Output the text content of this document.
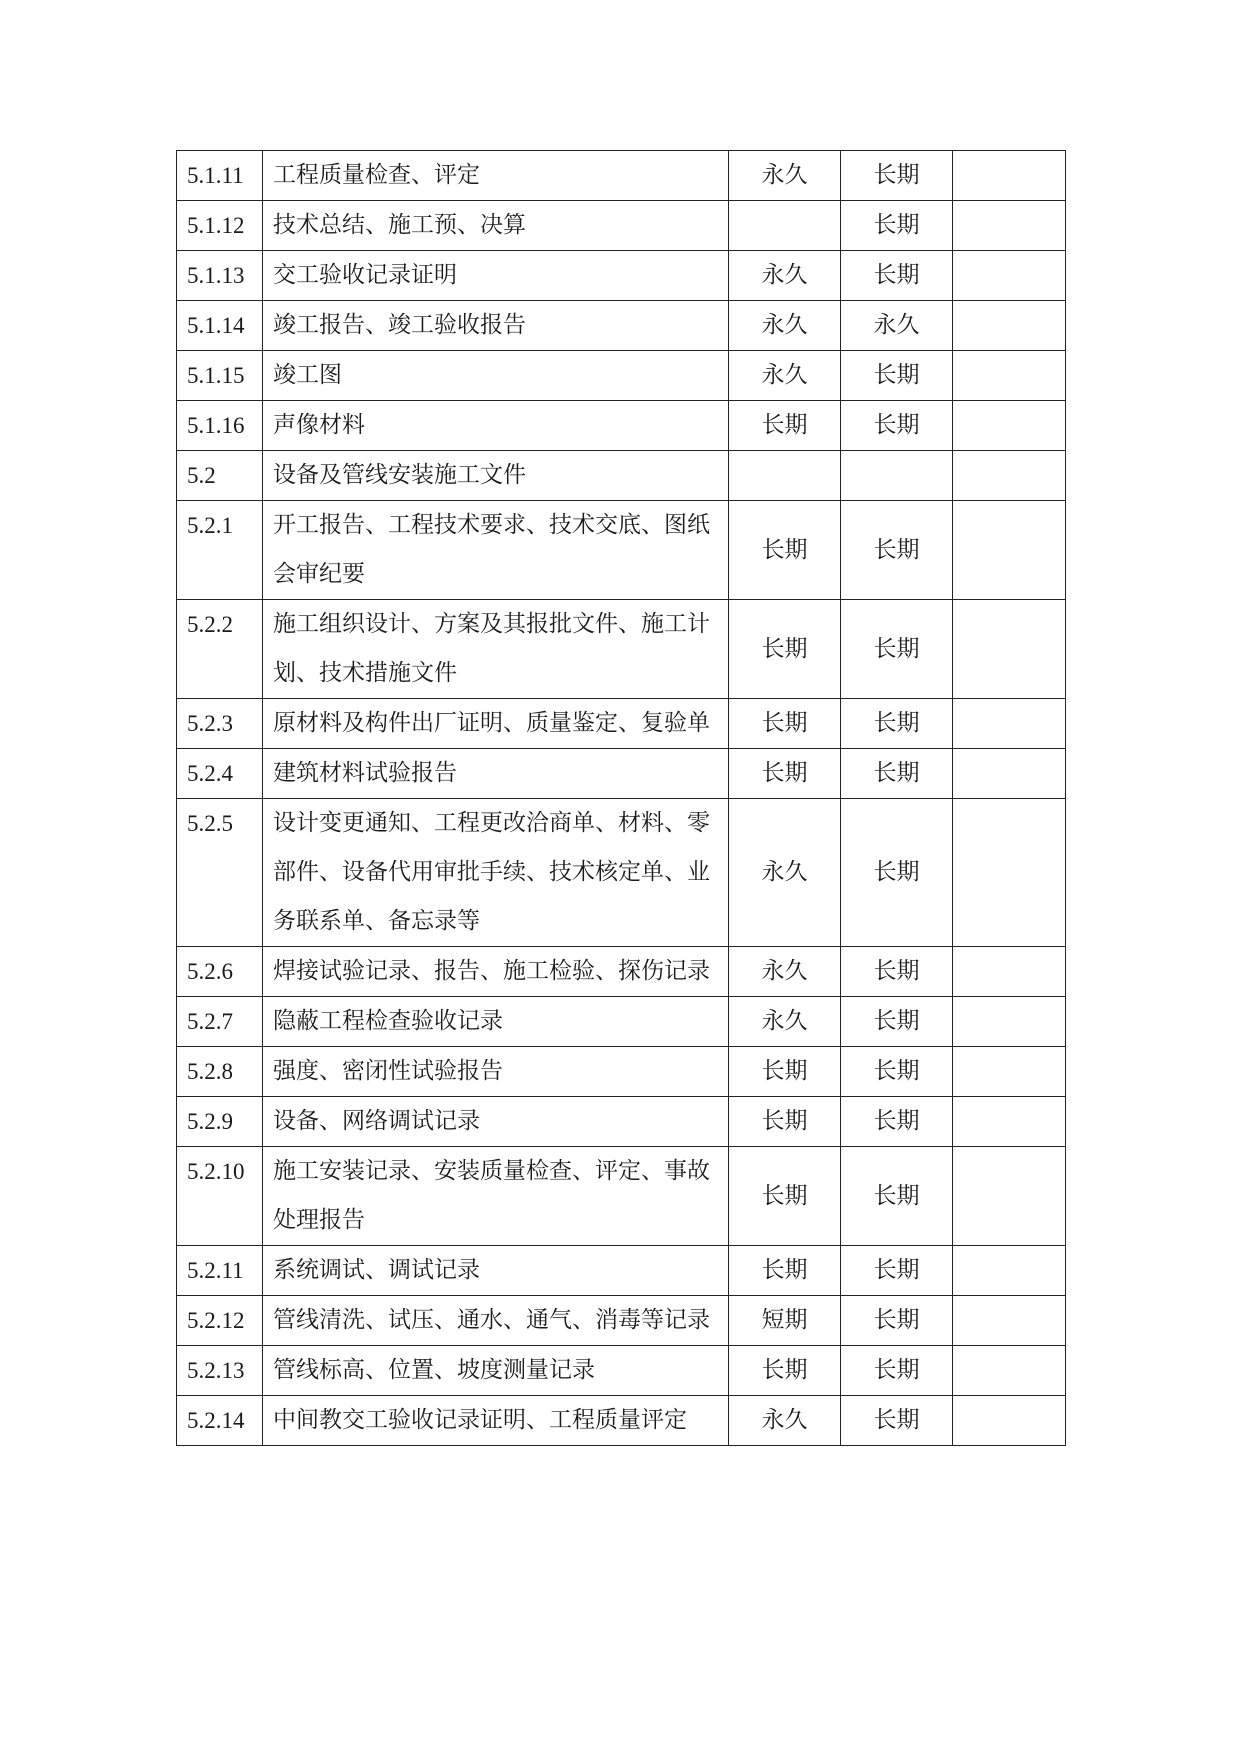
5.1.11	工程质量检查、评定	永久	长期	
5.1.12	技术总结、施工预、决算		长期	
5.1.13	交工验收记录证明	永久	长期	
5.1.14	竣工报告、竣工验收报告	永久	永久	
5.1.15	竣工图	永久	长期	
5.1.16	声像材料	长期	长期	
5.2	设备及管线安装施工文件			
5.2.1	开工报告、工程技术要求、技术交底、图纸会审纪要	长期	长期	
5.2.2	施工组织设计、方案及其报批文件、施工计划、技术措施文件	长期	长期	
5.2.3	原材料及构件出厂证明、质量鉴定、复验单	长期	长期	
5.2.4	建筑材料试验报告	长期	长期	
5.2.5	设计变更通知、工程更改洽商单、材料、零部件、设备代用审批手续、技术核定单、业务联系单、备忘录等	永久	长期	
5.2.6	焊接试验记录、报告、施工检验、探伤记录	永久	长期	
5.2.7	隐蔽工程检查验收记录	永久	长期	
5.2.8	强度、密闭性试验报告	长期	长期	
5.2.9	设备、网络调试记录	长期	长期	
5.2.10	施工安装记录、安装质量检查、评定、事故处理报告	长期	长期	
5.2.11	系统调试、调试记录	长期	长期	
5.2.12	管线清洗、试压、通水、通气、消毒等记录	短期	长期	
5.2.13	管线标高、位置、坡度测量记录	长期	长期	
5.2.14	中间教交工验收记录证明、工程质量评定	永久	长期	
